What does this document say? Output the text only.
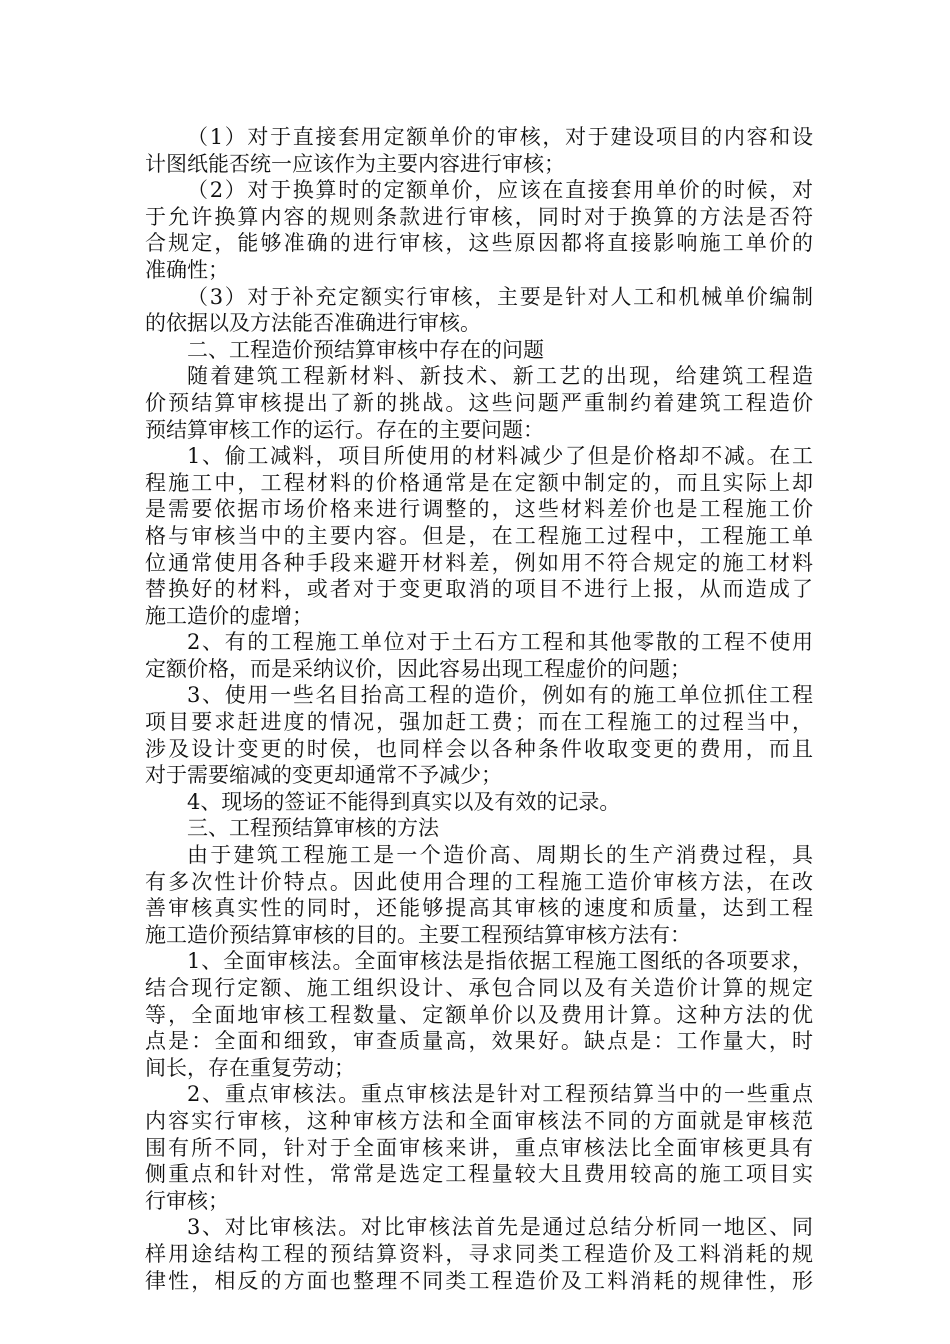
（1）对于直接套用定额单价的审核，对于建设项目的内容和设
计图纸能否统一应该作为主要内容进行审核；
（2）对于换算时的定额单价，应该在直接套用单价的时候，对
于允许换算内容的规则条款进行审核，同时对于换算的方法是否符
合规定，能够准确的进行审核，这些原因都将直接影响施工单价的
准确性；
（3）对于补充定额实行审核，主要是针对人工和机械单价编制
的依据以及方法能否准确进行审核。
二、工程造价预结算审核中存在的问题
随着建筑工程新材料、新技术、新工艺的出现，给建筑工程造
价预结算审核提出了新的挑战。这些问题严重制约着建筑工程造价
预结算审核工作的运行。存在的主要问题：
1、偷工减料，项目所使用的材料减少了但是价格却不减。在工
程施工中，工程材料的价格通常是在定额中制定的，而且实际上却
是需要依据市场价格来进行调整的，这些材料差价也是工程施工价
格与审核当中的主要内容。但是，在工程施工过程中，工程施工单
位通常使用各种手段来避开材料差，例如用不符合规定的施工材料
替换好的材料，或者对于变更取消的项目不进行上报，从而造成了
施工造价的虚增；
2、有的工程施工单位对于土石方工程和其他零散的工程不使用
定额价格，而是采纳议价，因此容易出现工程虚价的问题；
3、使用一些名目抬高工程的造价，例如有的施工单位抓住工程
项目要求赶进度的情况，强加赶工费；而在工程施工的过程当中，
涉及设计变更的时侯，也同样会以各种条件收取变更的费用，而且
对于需要缩减的变更却通常不予减少；
4、现场的签证不能得到真实以及有效的记录。
三、工程预结算审核的方法
由于建筑工程施工是一个造价高、周期长的生产消费过程，具
有多次性计价特点。因此使用合理的工程施工造价审核方法，在改
善审核真实性的同时，还能够提高其审核的速度和质量，达到工程
施工造价预结算审核的目的。主要工程预结算审核方法有：
1、全面审核法。全面审核法是指依据工程施工图纸的各项要求，
结合现行定额、施工组织设计、承包合同以及有关造价计算的规定
等，全面地审核工程数量、定额单价以及费用计算。这种方法的优
点是：全面和细致，审查质量高，效果好。缺点是：工作量大，时
间长，存在重复劳动；
2、重点审核法。重点审核法是针对工程预结算当中的一些重点
内容实行审核，这种审核方法和全面审核法不同的方面就是审核范
围有所不同，针对于全面审核来讲，重点审核法比全面审核更具有
侧重点和针对性，常常是选定工程量较大且费用较高的施工项目实
行审核；
3、对比审核法。对比审核法首先是通过总结分析同一地区、同
样用途结构工程的预结算资料，寻求同类工程造价及工料消耗的规
律性，相反的方面也整理不同类工程造价及工料消耗的规律性，形
